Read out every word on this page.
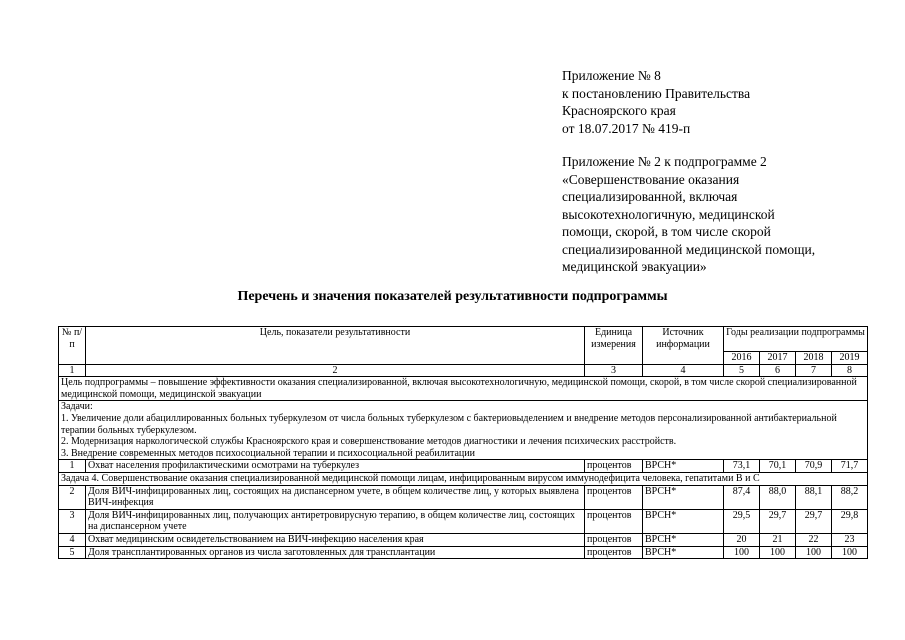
Приложение № 8
к постановлению Правительства
Красноярского края
от 18.07.2017 № 419-п
Приложение № 2 к подпрограмме 2
«Совершенствование оказания
специализированной, включая
высокотехнологичную, медицинской
помощи, скорой, в том числе скорой
специализированной медицинской помощи,
медицинской эвакуации»
Перечень и значения показателей результативности подпрограммы
№ п/п	Цель, показатели результативности	Единица измерения	Источник информации	Годы реализации подпрограммы			
				2016	2017	2018	2019
1	2	3	4	5	6	7	8
Цель подпрограммы – повышение эффективности оказания специализированной, включая высокотехнологичную, медицинской помощи, скорой, в том числе скорой специализированной медицинской помощи, медицинской эвакуации							

Задачи:
1. Увеличение доли абациллированных больных туберкулезом от числа больных туберкулезом с бактериовыделением и внедрение методов персонализированной антибактериальной терапии больных туберкулезом.
2. Модернизация наркологической службы Красноярского края и совершенствование методов диагностики и лечения психических расстройств.
3. Внедрение современных методов психосоциальной терапии и психосоциальной реабилитации							

1	Охват населения профилактическими осмотрами на туберкулез	процентов	ВРСН*	73,1	70,1	70,9	71,7
Задача 4. Совершенствование оказания специализированной медицинской помощи лицам, инфицированным вирусом иммунодефицита человека, гепатитами В и С							
2	Доля ВИЧ-инфицированных лиц, состоящих на диспансерном учете, в общем количестве лиц, у которых выявлена ВИЧ-инфекция	процентов	ВРСН*	87,4	88,0	88,1	88,2
3	Доля ВИЧ-инфицированных лиц, получающих антиретровирусную терапию, в общем количестве лиц, состоящих на диспансерном учете	процентов	ВРСН*	29,5	29,7	29,7	29,8
4	Охват медицинским освидетельствованием на ВИЧ-инфекцию населения края	процентов	ВРСН*	20	21	22	23
5	Доля трансплантированных органов из числа заготовленных для трансплантации	процентов	ВРСН*	100	100	100	100
